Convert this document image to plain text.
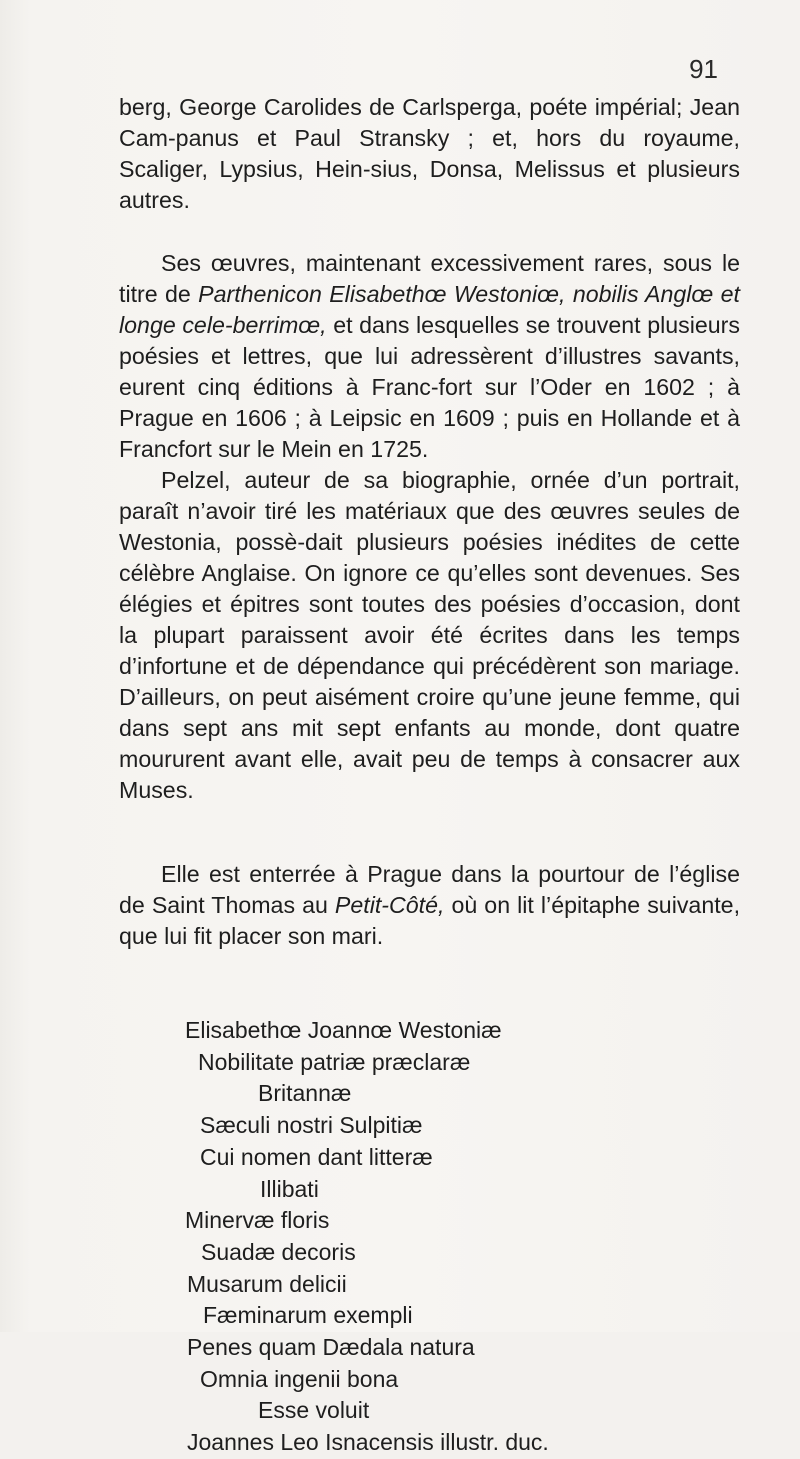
91

berg, George Carolides de Carlsperga, poéte impérial; Jean Cam-panus et Paul Stransky ; et, hors du royaume, Scaliger, Lypsius, Hein-sius, Donsa, Melissus et plusieurs autres.

Ses œuvres, maintenant excessivement rares, sous le titre de Parthenicon Elisabethœ Westoniœ, nobilis Anglœ et longe cele-berrimœ, et dans lesquelles se trouvent plusieurs poésies et lettres, que lui adressèrent d’illustres savants, eurent cinq éditions à Franc-fort sur l’Oder en 1602 ; à Prague en 1606 ; à Leipsic en 1609 ; puis en Hollande et à Francfort sur le Mein en 1725.

Pelzel, auteur de sa biographie, ornée d’un portrait, paraît n’avoir tiré les matériaux que des œuvres seules de Westonia, possè-dait plusieurs poésies inédites de cette célèbre Anglaise. On ignore ce qu’elles sont devenues. Ses élégies et épitres sont toutes des poésies d’occasion, dont la plupart paraissent avoir été écrites dans les temps d’infortune et de dépendance qui précédèrent son mariage. D’ailleurs, on peut aisément croire qu’une jeune femme, qui dans sept ans mit sept enfants au monde, dont quatre moururent avant elle, avait peu de temps à consacrer aux Muses.

Elle est enterrée à Prague dans la pourtour de l’église de Saint Thomas au Petit-Côté, où on lit l’épitaphe suivante, que lui fit placer son mari.

Elisabethœ Joannœ Westoniæ
Nobilitate patriæ præclaræ
Britannæ
Sæculi nostri Sulpitiæ
Cui nomen dant litteræ
Illibati
Minervæ floris
Suadæ decoris
Musarum delicii
Fæminarum exempli
Penes quam Dædala natura
Omnia ingenii bona
Esse voluit
Joannes Leo Isnacensis illustr. duc.
